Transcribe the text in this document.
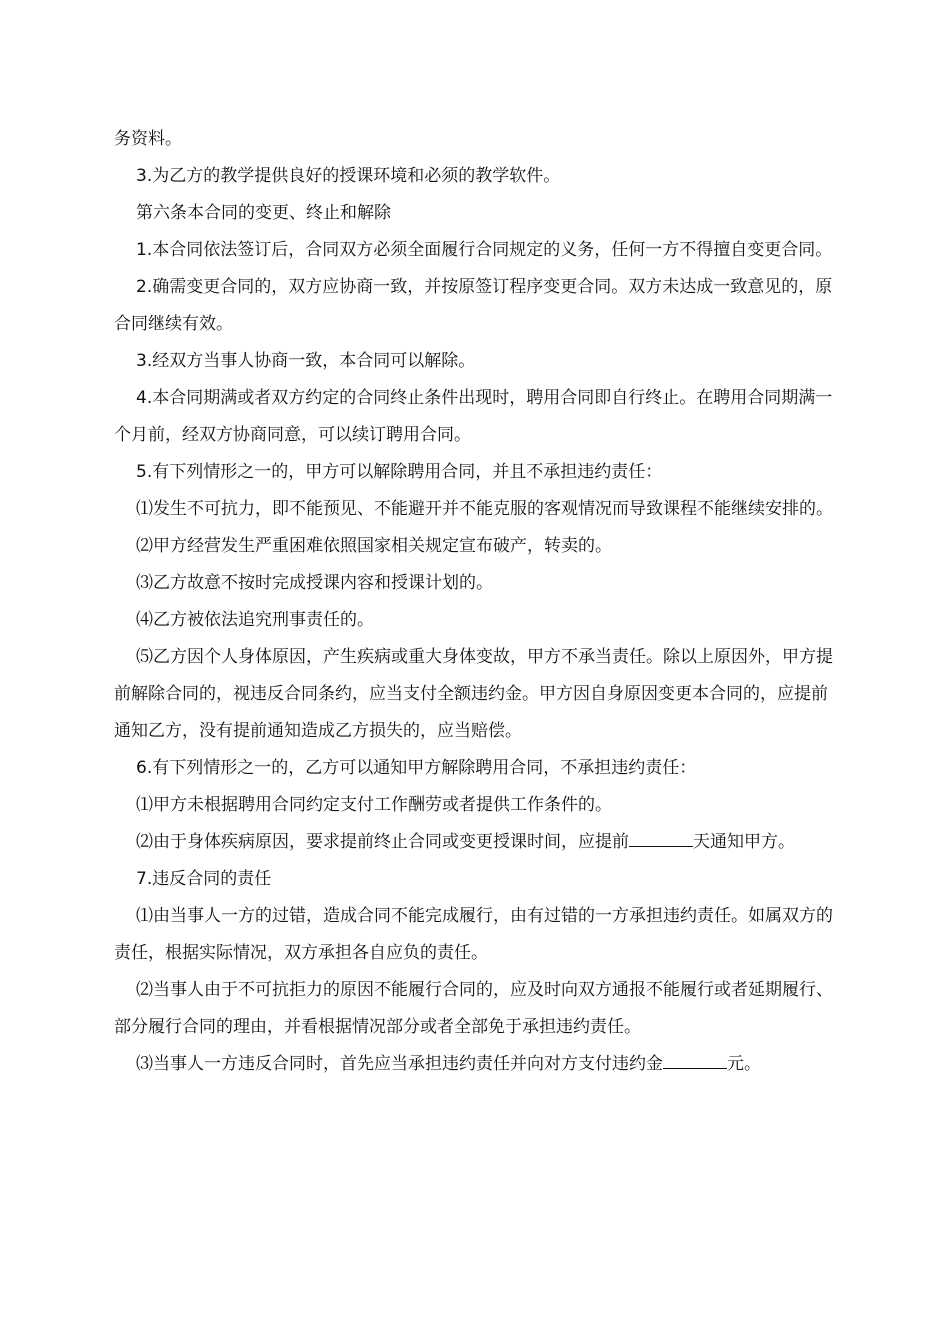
务资料。

3.为乙方的教学提供良好的授课环境和必须的教学软件。

第六条本合同的变更、终止和解除

1.本合同依法签订后，合同双方必须全面履行合同规定的义务，任何一方不得擅自变更合同。

2.确需变更合同的，双方应协商一致，并按原签订程序变更合同。双方未达成一致意见的，原合同继续有效。

3.经双方当事人协商一致，本合同可以解除。

4.本合同期满或者双方约定的合同终止条件出现时，聘用合同即自行终止。在聘用合同期满一个月前，经双方协商同意，可以续订聘用合同。

5.有下列情形之一的，甲方可以解除聘用合同，并且不承担违约责任：

⑴发生不可抗力，即不能预见、不能避开并不能克服的客观情况而导致课程不能继续安排的。

⑵甲方经营发生严重困难依照国家相关规定宣布破产，转卖的。

⑶乙方故意不按时完成授课内容和授课计划的。

⑷乙方被依法追究刑事责任的。

⑸乙方因个人身体原因，产生疾病或重大身体变故，甲方不承当责任。除以上原因外，甲方提前解除合同的，视违反合同条约，应当支付全额违约金。甲方因自身原因变更本合同的，应提前通知乙方，没有提前通知造成乙方损失的，应当赔偿。

6.有下列情形之一的，乙方可以通知甲方解除聘用合同，不承担违约责任：

⑴甲方未根据聘用合同约定支付工作酬劳或者提供工作条件的。

⑵由于身体疾病原因，要求提前终止合同或变更授课时间，应提前	天通知甲方。

7.违反合同的责任

⑴由当事人一方的过错，造成合同不能完成履行，由有过错的一方承担违约责任。如属双方的责任，根据实际情况，双方承担各自应负的责任。

⑵当事人由于不可抗拒力的原因不能履行合同的，应及时向双方通报不能履行或者延期履行、部分履行合同的理由，并看根据情况部分或者全部免于承担违约责任。

⑶当事人一方违反合同时，首先应当承担违约责任并向对方支付违约金	元。
